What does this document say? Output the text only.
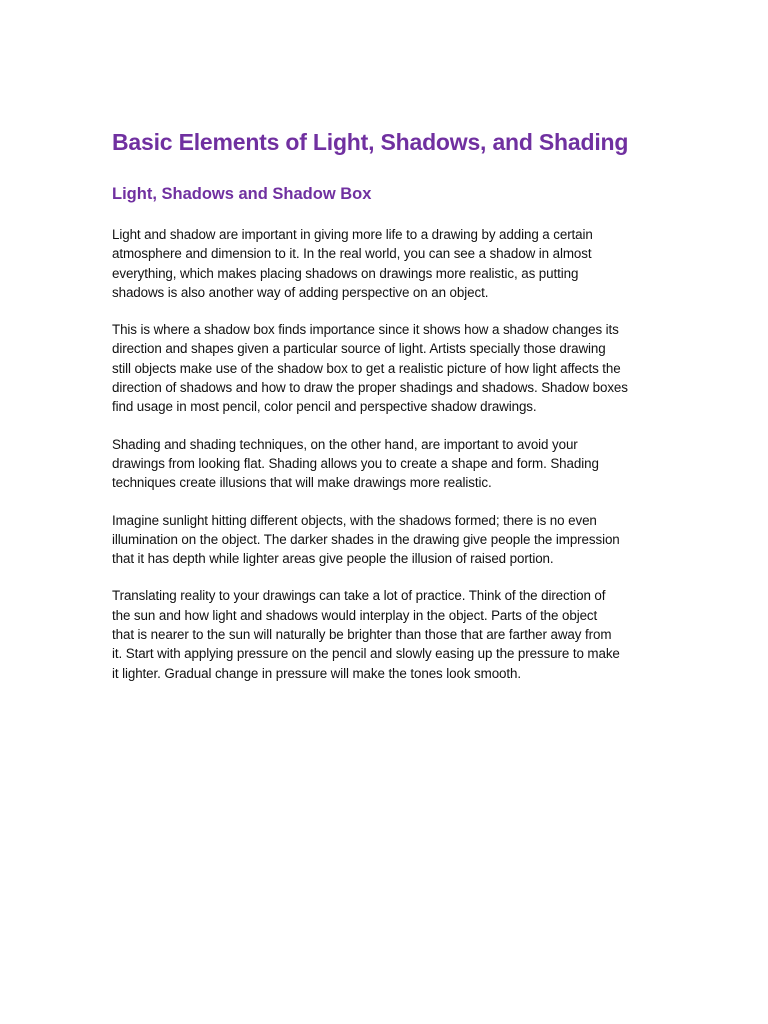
Basic Elements of Light, Shadows, and Shading
Light, Shadows and Shadow Box

Light and shadow are important in giving more life to a drawing by adding a certain
atmosphere and dimension to it. In the real world, you can see a shadow in almost
everything, which makes placing shadows on drawings more realistic, as putting
shadows is also another way of adding perspective on an object.

This is where a shadow box finds importance since it shows how a shadow changes its
direction and shapes given a particular source of light. Artists specially those drawing
still objects make use of the shadow box to get a realistic picture of how light affects the
direction of shadows and how to draw the proper shadings and shadows. Shadow boxes
find usage in most pencil, color pencil and perspective shadow drawings.

Shading and shading techniques, on the other hand, are important to avoid your
drawings from looking flat. Shading allows you to create a shape and form. Shading
techniques create illusions that will make drawings more realistic.

Imagine sunlight hitting different objects, with the shadows formed; there is no even
illumination on the object. The darker shades in the drawing give people the impression
that it has depth while lighter areas give people the illusion of raised portion.

Translating reality to your drawings can take a lot of practice. Think of the direction of
the sun and how light and shadows would interplay in the object. Parts of the object
that is nearer to the sun will naturally be brighter than those that are farther away from
it. Start with applying pressure on the pencil and slowly easing up the pressure to make
it lighter. Gradual change in pressure will make the tones look smooth.
